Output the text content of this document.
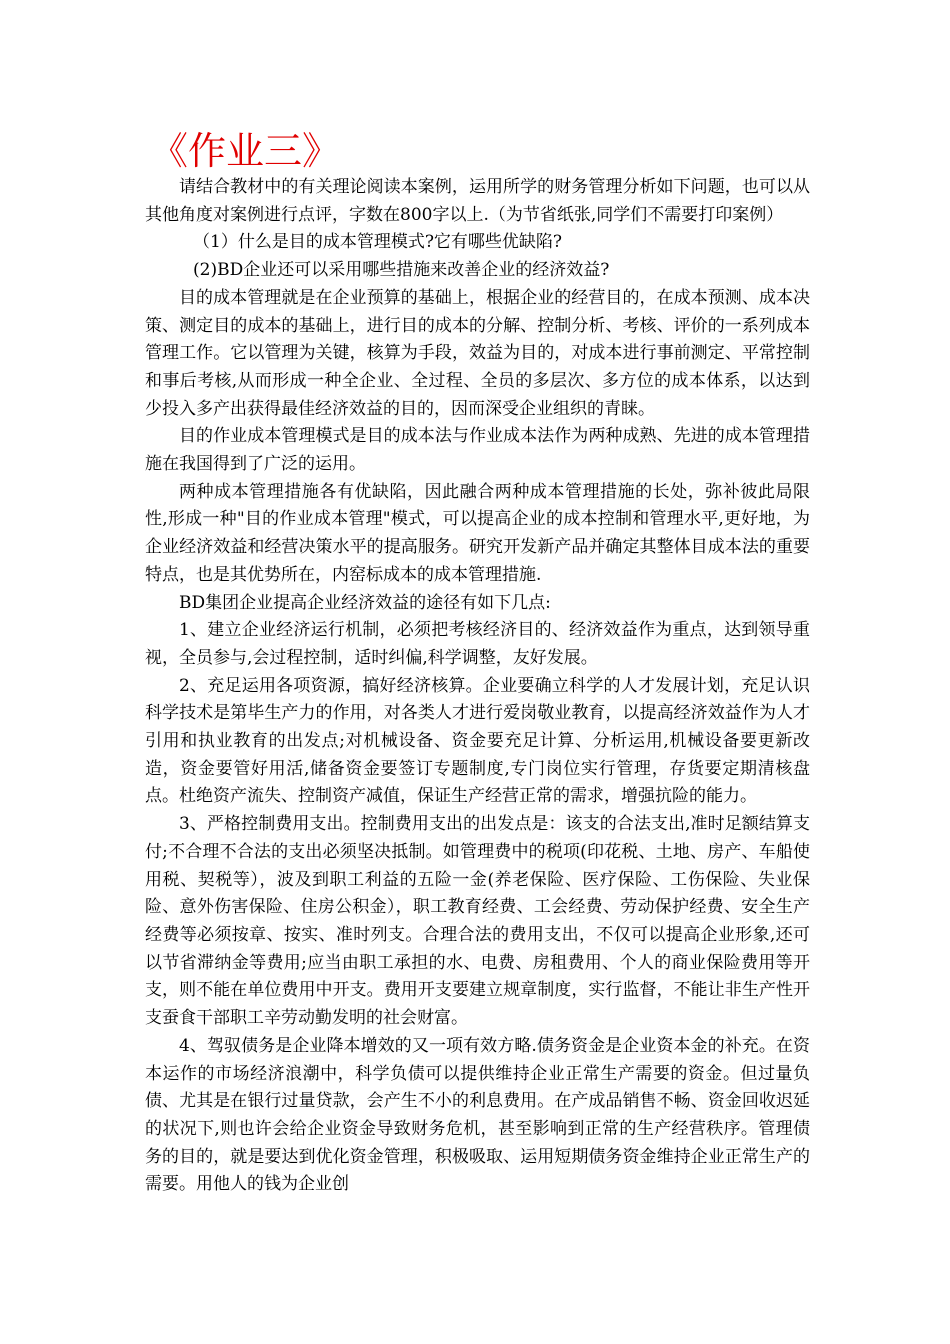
《作业三》

请结合教材中的有关理论阅读本案例，运用所学的财务管理分析如下问题，也可以从其他角度对案例进行点评，字数在800字以上.（为节省纸张,同学们不需要打印案例）

（1）什么是目的成本管理模式?它有哪些优缺陷?

(2)BD企业还可以采用哪些措施来改善企业的经济效益?

目的成本管理就是在企业预算的基础上，根据企业的经营目的，在成本预测、成本决策、测定目的成本的基础上，进行目的成本的分解、控制分析、考核、评价的一系列成本管理工作。它以管理为关键，核算为手段，效益为目的，对成本进行事前测定、平常控制和事后考核,从而形成一种全企业、全过程、全员的多层次、多方位的成本体系，以达到少投入多产出获得最佳经济效益的目的，因而深受企业组织的青睐。

目的作业成本管理模式是目的成本法与作业成本法作为两种成熟、先进的成本管理措施在我国得到了广泛的运用。

两种成本管理措施各有优缺陷，因此融合两种成本管理措施的长处，弥补彼此局限性,形成一种"目的作业成本管理"模式，可以提高企业的成本控制和管理水平,更好地，为企业经济效益和经营决策水平的提高服务。研究开发新产品并确定其整体目成本法的重要特点，也是其优势所在，内窑标成本的成本管理措施.

BD集团企业提高企业经济效益的途径有如下几点:

1、建立企业经济运行机制，必须把考核经济目的、经济效益作为重点，达到领导重视，全员参与,会过程控制，适时纠偏,科学调整，友好发展。

2、充足运用各项资源，搞好经济核算。企业要确立科学的人才发展计划，充足认识科学技术是第毕生产力的作用，对各类人才进行爱岗敬业教育，以提高经济效益作为人才引用和执业教育的出发点;对机械设备、资金要充足计算、分析运用,机械设备要更新改造，资金要管好用活,储备资金要签订专题制度,专门岗位实行管理，存货要定期清核盘点。杜绝资产流失、控制资产减值，保证生产经营正常的需求，增强抗险的能力。

3、严格控制费用支出。控制费用支出的出发点是：该支的合法支出,准时足额结算支付;不合理不合法的支出必须坚决抵制。如管理费中的税项(印花税、土地、房产、车船使用税、契税等），波及到职工利益的五险一金(养老保险、医疗保险、工伤保险、失业保险、意外伤害保险、住房公积金），职工教育经费、工会经费、劳动保护经费、安全生产经费等必须按章、按实、准时列支。合理合法的费用支出，不仅可以提高企业形象,还可以节省滞纳金等费用;应当由职工承担的水、电费、房租费用、个人的商业保险费用等开支，则不能在单位费用中开支。费用开支要建立规章制度，实行监督，不能让非生产性开支蚕食干部职工辛劳动勤发明的社会财富。

4、驾驭债务是企业降本增效的又一项有效方略.债务资金是企业资本金的补充。在资本运作的市场经济浪潮中，科学负债可以提供维持企业正常生产需要的资金。但过量负债、尤其是在银行过量贷款，会产生不小的利息费用。在产成品销售不畅、资金回收迟延的状况下,则也许会给企业资金导致财务危机，甚至影响到正常的生产经营秩序。管理债务的目的，就是要达到优化资金管理，积极吸取、运用短期债务资金维持企业正常生产的需要。用他人的钱为企业创
